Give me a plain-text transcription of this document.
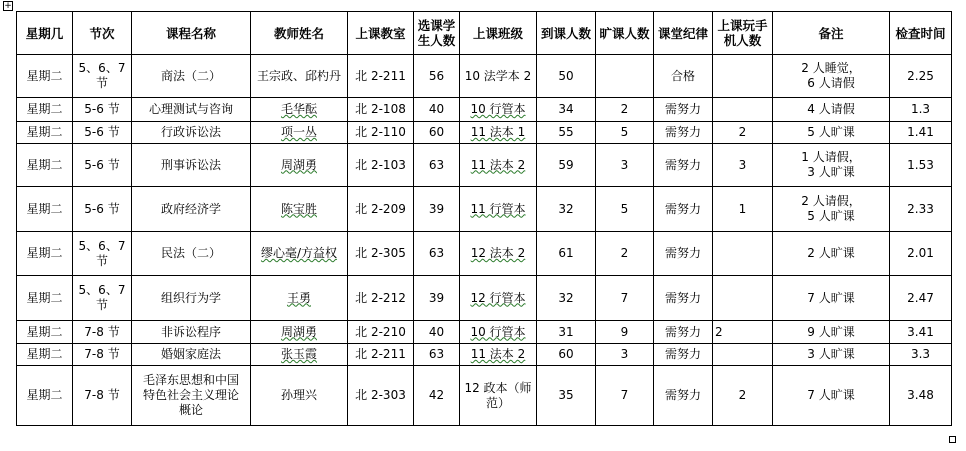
+
星期几	节次	课程名称	教师姓名	上课教室	选课学
生人数	上课班级	到课人数	旷课人数	课堂纪律	上课玩手
机人数	备注	检查时间
星期二	5、6、7
节	商法（二）	王宗政、邱杓丹	北 2-211	56	10 法学本 2	50		合格		2 人睡觉，
6 人请假	2.25
星期二	5-6 节	心理测试与咨询	毛华酝	北 2-108	40	10 行管本	34	2	需努力		4 人请假	1.3
星期二	5-6 节	行政诉讼法	项一丛	北 2-110	60	11 法本 1	55	5	需努力	2	5 人旷课	1.41
星期二	5-6 节	刑事诉讼法	周湖勇	北 2-103	63	11 法本 2	59	3	需努力	3	1 人请假，
3 人旷课	1.53
星期二	5-6 节	政府经济学	陈宝胜	北 2-209	39	11 行管本	32	5	需努力	1	2 人请假，
5 人旷课	2.33
星期二	5、6、7
节	民法（二）	缪心毫/方益权	北 2-305	63	12 法本 2	61	2	需努力		2 人旷课	2.01
星期二	5、6、7
节	组织行为学	王勇	北 2-212	39	12 行管本	32	7	需努力		7 人旷课	2.47
星期二	7-8 节	非诉讼程序	周湖勇	北 2-210	40	10 行管本	31	9	需努力	2	9 人旷课	3.41
星期二	7-8 节	婚姻家庭法	张玉霞	北 2-211	63	11 法本 2	60	3	需努力		3 人旷课	3.3
星期二	7-8 节	毛泽东思想和中国
特色社会主义理论
概论	孙理兴	北 2-303	42	12 政本（师
范）	35	7	需努力	2	7 人旷课	3.48
